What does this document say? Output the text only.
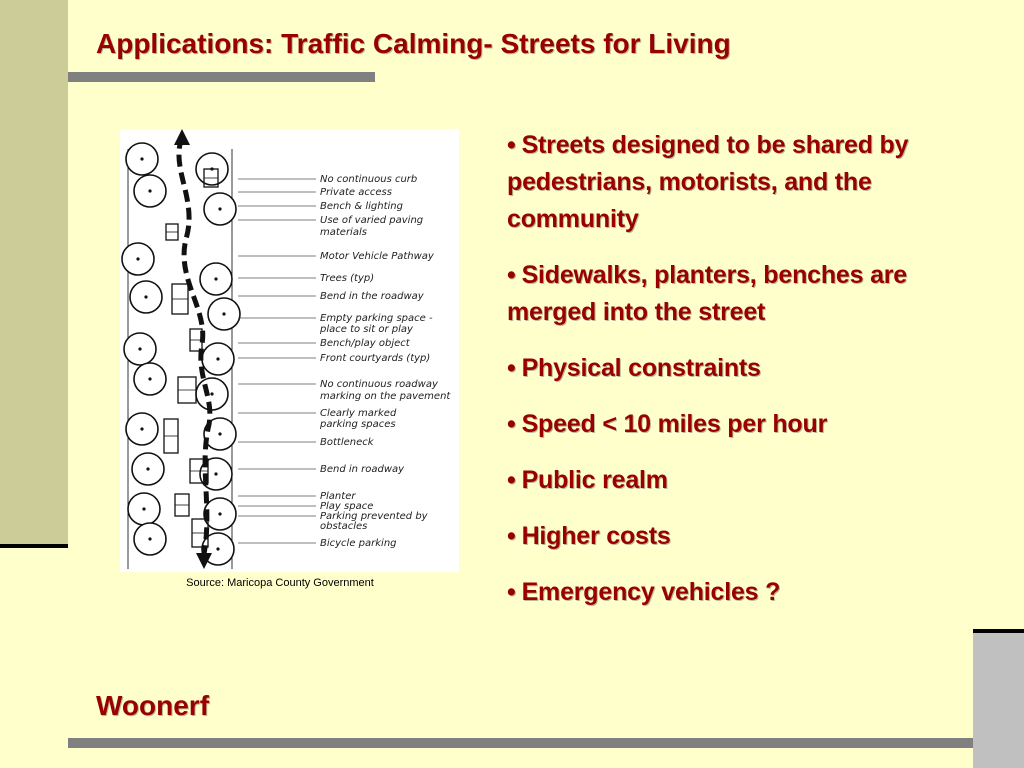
Applications: Traffic Calming- Streets for Living
No continuous curb
Private access
Bench & lighting
Use of varied paving
materials
Motor Vehicle Pathway
Trees (typ)
Bend in the roadway
Empty parking space -
place to sit or play
Bench/play object
Front courtyards (typ)
No continuous roadway
marking on the pavement
Clearly marked
parking spaces
Bottleneck
Bend in roadway
Planter
Play space
Parking prevented by
obstacles
Bicycle parking
Source: Maricopa County Government
• Streets designed to be shared by pedestrians, motorists, and the community
• Sidewalks, planters, benches are merged into the street
• Physical constraints
• Speed < 10 miles per hour
• Public realm
• Higher costs
• Emergency vehicles ?
Woonerf
